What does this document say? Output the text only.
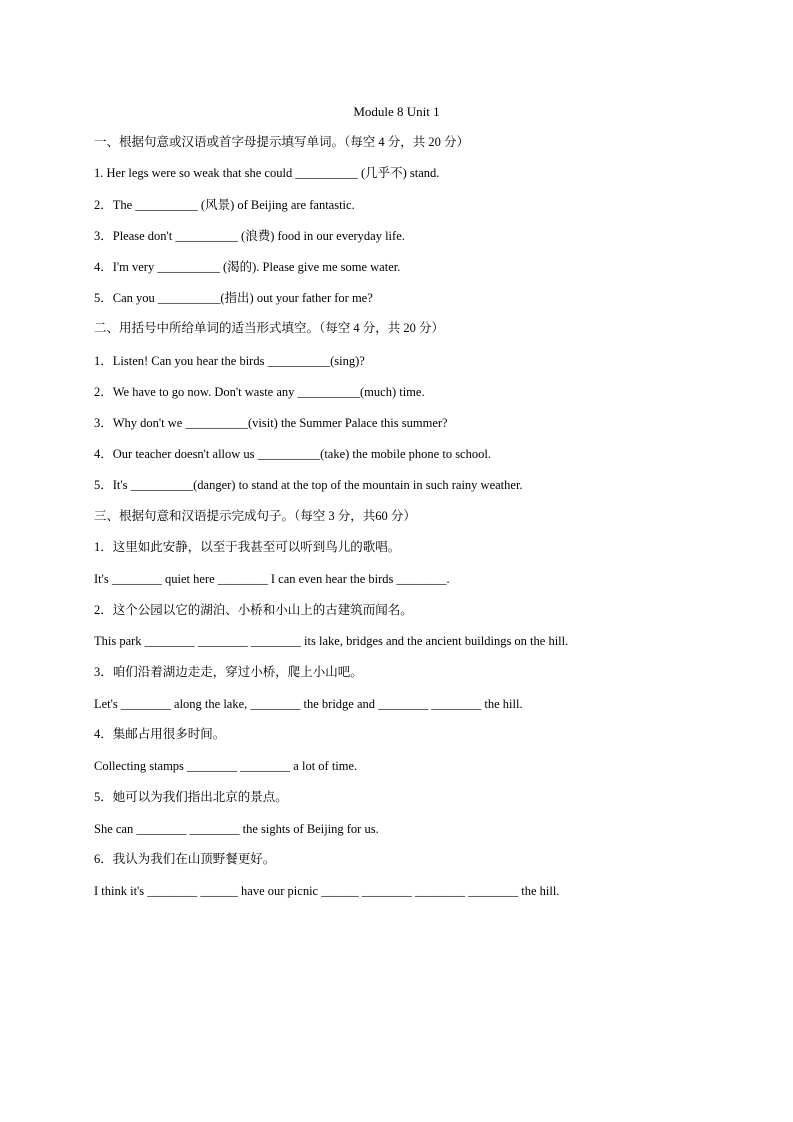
Module 8 Unit 1
一、根据句意或汉语或首字母提示填写单词。（每空 4 分，共 20 分）
1. Her legs were so weak that she could __________ (几乎不) stand.
2．The __________ (风景) of Beijing are fantastic.
3．Please don't __________ (浪费) food in our everyday life.
4．I'm very __________ (渴的). Please give me some water.
5．Can you __________(指出) out your father for me?
二、用括号中所给单词的适当形式填空。（每空 4 分，共 20 分）
1．Listen! Can you hear the birds __________(sing)?
2．We have to go now. Don't waste any __________(much) time.
3．Why don't we __________(visit) the Summer Palace this summer?
4．Our teacher doesn't allow us __________(take) the mobile phone to school.
5．It's __________(danger) to stand at the top of the mountain in such rainy weather.
三、根据句意和汉语提示完成句子。（每空 3 分，共60 分）
1．这里如此安静，以至于我甚至可以听到鸟儿的歌唱。
It's ________ quiet here ________ I can even hear the birds ________.
2．这个公园以它的湖泊、小桥和小山上的古建筑而闻名。
This park ________ ________ ________ its lake, bridges and the ancient buildings on the hill.
3．咱们沿着湖边走走，穿过小桥，爬上小山吧。
Let's ________ along the lake, ________ the bridge and ________ ________ the hill.
4．集邮占用很多时间。
Collecting stamps ________ ________ a lot of time.
5．她可以为我们指出北京的景点。
She can ________ ________ the sights of Beijing for us.
6．我认为我们在山顶野餐更好。
I think it's ________ ______ have our picnic ______ ________ ________ ________ the hill.
